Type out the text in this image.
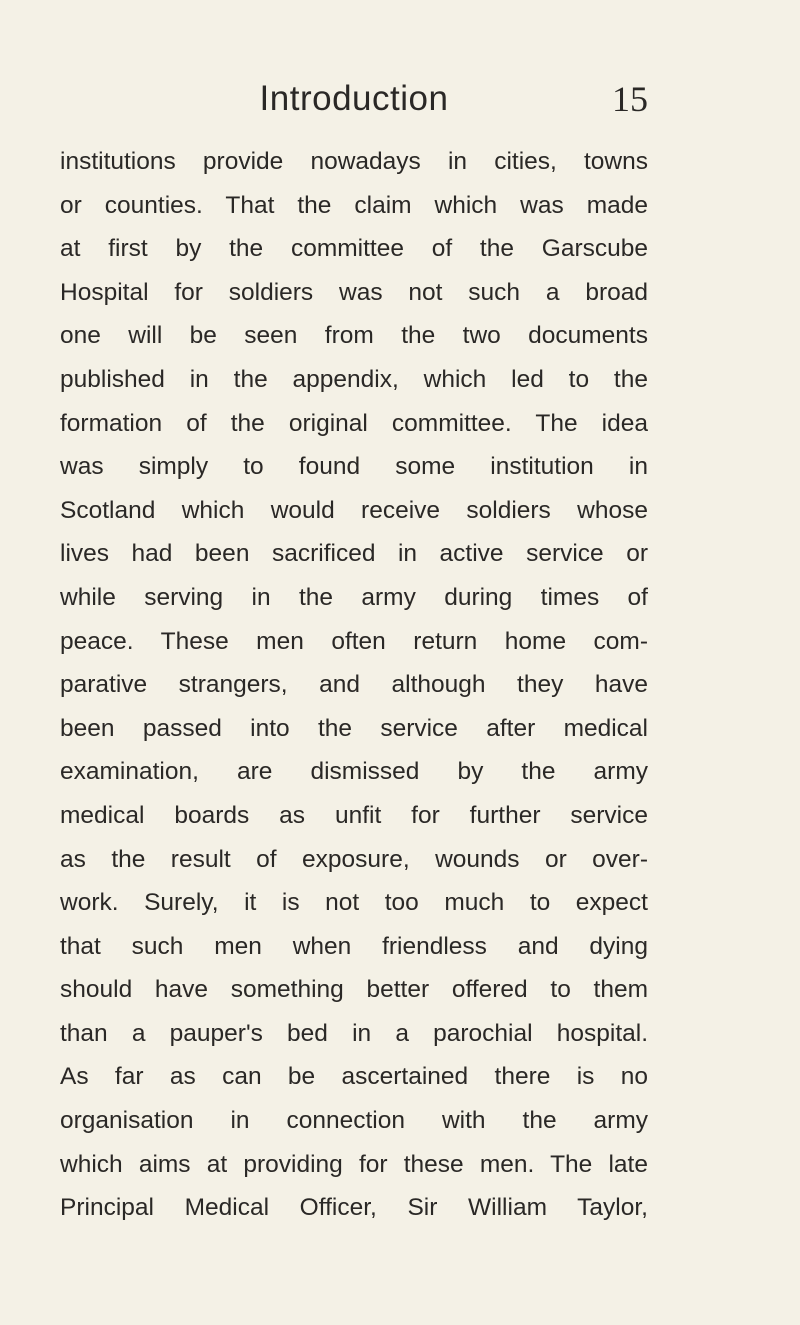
Introduction	15
institutions provide nowadays in cities, towns
or counties. That the claim which was made
at first by the committee of the Garscube
Hospital for soldiers was not such a broad
one will be seen from the two documents
published in the appendix, which led to the
formation of the original committee. The idea
was simply to found some institution in
Scotland which would receive soldiers whose
lives had been sacrificed in active service or
while serving in the army during times of
peace. These men often return home com-
parative strangers, and although they have
been passed into the service after medical
examination, are dismissed by the army
medical boards as unfit for further service
as the result of exposure, wounds or over-
work. Surely, it is not too much to expect
that such men when friendless and dying
should have something better offered to them
than a pauper's bed in a parochial hospital.
As far as can be ascertained there is no
organisation in connection with the army
which aims at providing for these men. The late
Principal Medical Officer, Sir William Taylor,
